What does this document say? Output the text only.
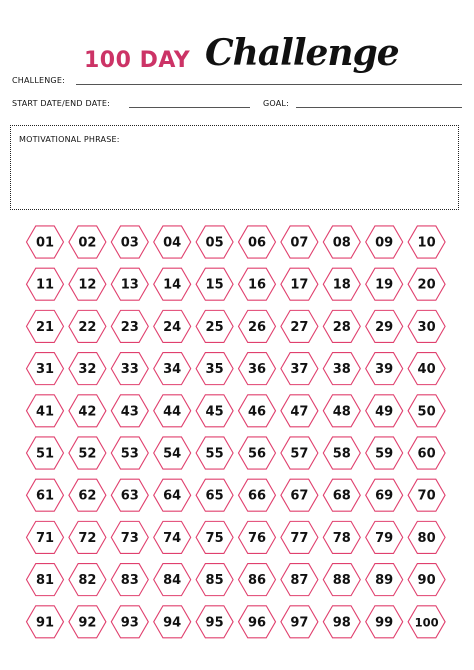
100 DAY Challenge
CHALLENGE:
START DATE/END DATE:	GOAL:
MOTIVATIONAL PHRASE:
01 02 03 04 05 06 07 08 09 10
11 12 13 14 15 16 17 18 19 20
21 22 23 24 25 26 27 28 29 30
31 32 33 34 35 36 37 38 39 40
41 42 43 44 45 46 47 48 49 50
51 52 53 54 55 56 57 58 59 60
61 62 63 64 65 66 67 68 69 70
71 72 73 74 75 76 77 78 79 80
81 82 83 84 85 86 87 88 89 90
91 92 93 94 95 96 97 98 99 100
